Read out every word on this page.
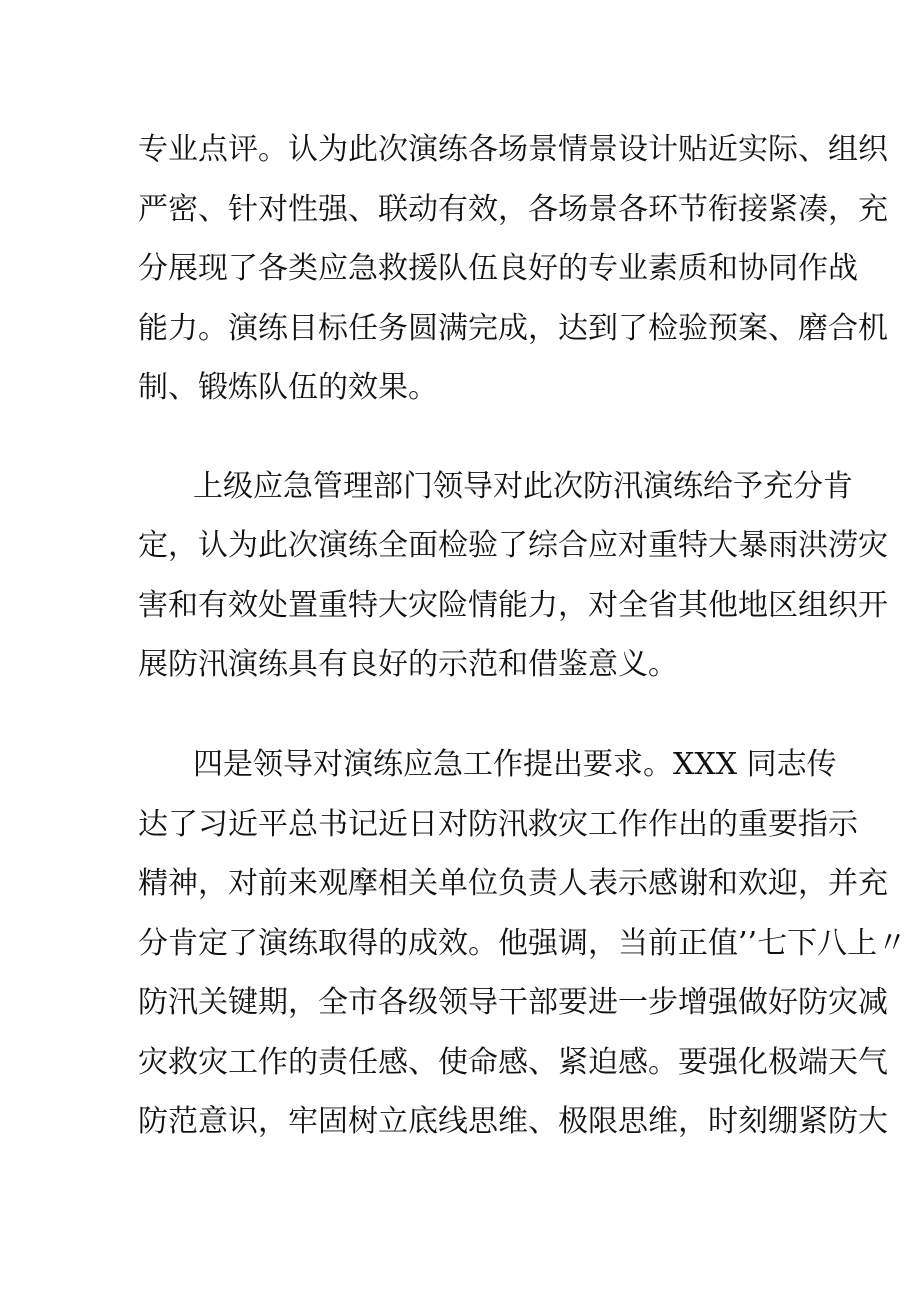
专业点评。认为此次演练各场景情景设计贴近实际、组织
严密、针对性强、联动有效，各场景各环节衔接紧凑，充
分展现了各类应急救援队伍良好的专业素质和协同作战
能力。演练目标任务圆满完成，达到了检验预案、磨合机
制、锻炼队伍的效果。
上级应急管理部门领导对此次防汛演练给予充分肯
定，认为此次演练全面检验了综合应对重特大暴雨洪涝灾
害和有效处置重特大灾险情能力，对全省其他地区组织开
展防汛演练具有良好的示范和借鉴意义。
四是领导对演练应急工作提出要求。XXX 同志传
达了习近平总书记近日对防汛救灾工作作出的重要指示
精神，对前来观摩相关单位负责人表示感谢和欢迎，并充
分肯定了演练取得的成效。他强调，当前正值’’七下八上〃
防汛关键期，全市各级领导干部要进一步增强做好防灾减
灾救灾工作的责任感、使命感、紧迫感。要强化极端天气
防范意识，牢固树立底线思维、极限思维，时刻绷紧防大
